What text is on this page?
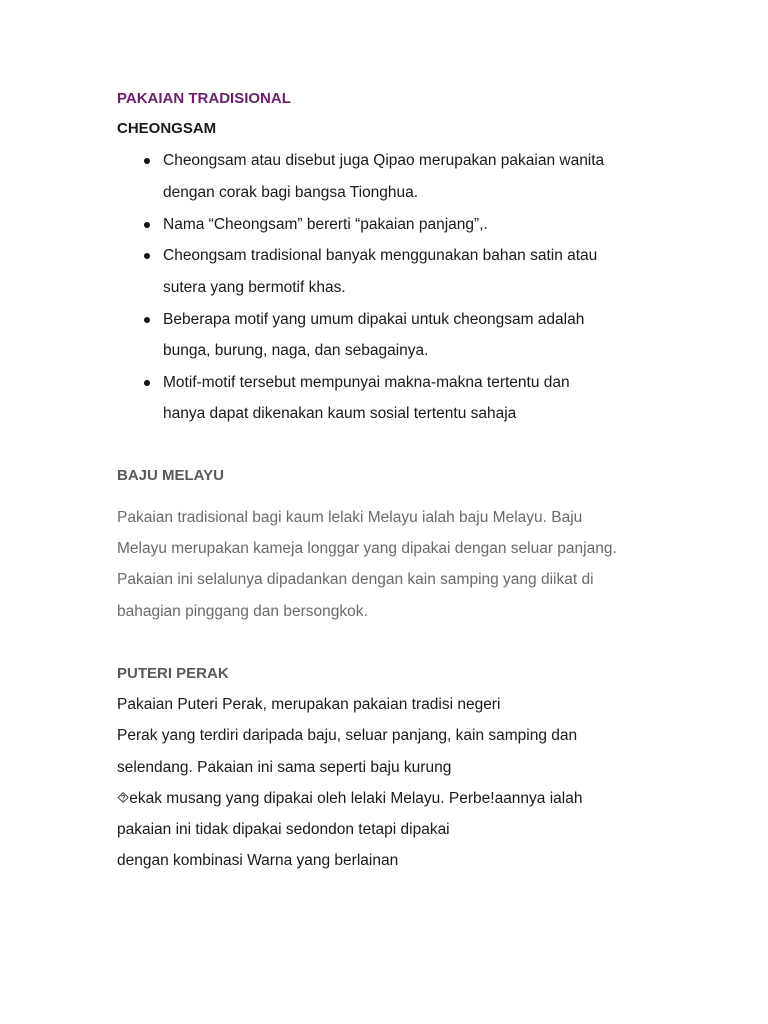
PAKAIAN TRADISIONAL
CHEONGSAM
Cheongsam atau disebut juga Qipao merupakan pakaian wanita
dengan corak bagi bangsa Tionghua.
Nama “Cheongsam” bererti “pakaian panjang”,.
Cheongsam tradisional banyak menggunakan bahan satin atau
sutera yang bermotif khas.
Beberapa motif yang umum dipakai untuk cheongsam adalah
bunga, burung, naga, dan sebagainya.
Motif-motif tersebut mempunyai makna-makna tertentu dan
hanya dapat dikenakan kaum sosial tertentu sahaja
BAJU MELAYU
Pakaian tradisional bagi kaum lelaki Melayu ialah baju Melayu. Baju
Melayu merupakan kameja longgar yang dipakai dengan seluar panjang.
Pakaian ini selalunya dipadankan dengan kain samping yang diikat di
bahagian pinggang dan bersongkok.
PUTERI PERAK
Pakaian Puteri Perak, merupakan pakaian tradisi negeri
Perak yang terdiri daripada baju, seluar panjang, kain samping dan
selendang. Pakaian ini sama seperti baju kurung
⯑ekak musang yang dipakai oleh lelaki Melayu. Perbe!aannya ialah
pakaian ini tidak dipakai sedondon tetapi dipakai
dengan kombinasi Warna yang berlainan
